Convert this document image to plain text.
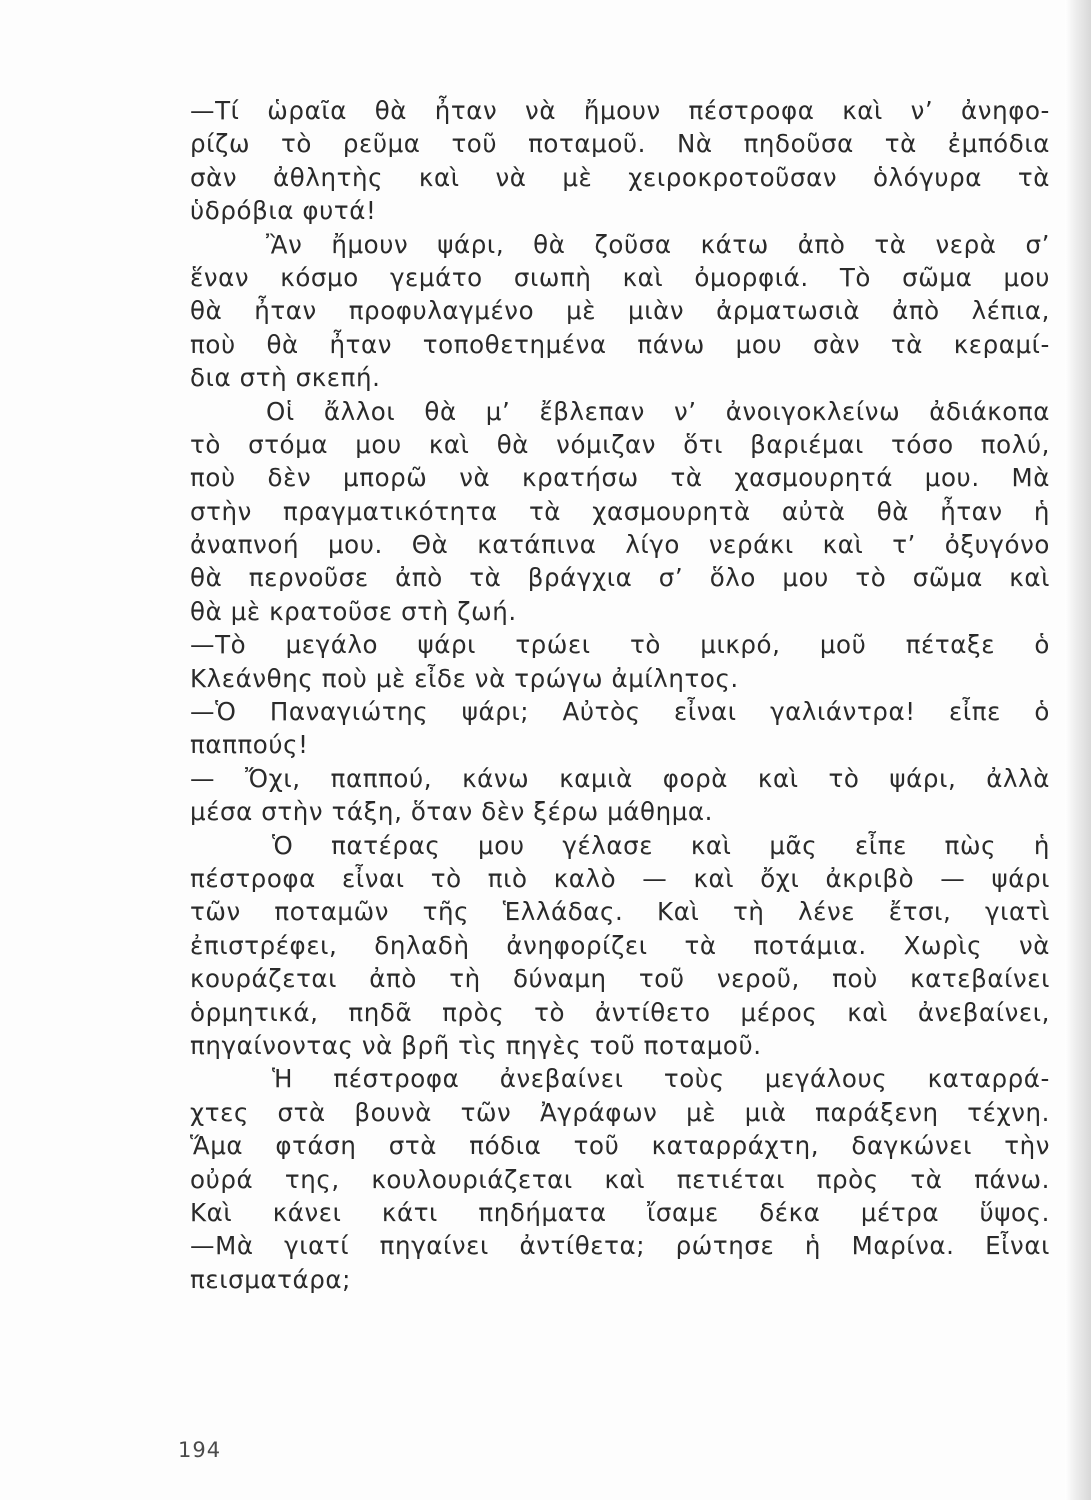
—Τί ὡραῖα θὰ ἦταν νὰ ἤμουν πέστροφα καὶ ν’ ἀνηφο-
ρίζω τὸ ρεῦμα τοῦ ποταμοῦ. Νὰ πηδοῦσα τὰ ἐμπόδια
σὰν ἀθλητὴς καὶ νὰ μὲ χειροκροτοῦσαν ὁλόγυρα τὰ
ὑδρόβια φυτά!
Ἂν ἤμουν ψάρι, θὰ ζοῦσα κάτω ἀπὸ τὰ νερὰ σ’
ἕναν κόσμο γεμάτο σιωπὴ καὶ ὀμορφιά. Τὸ σῶμα μου
θὰ ἦταν προφυλαγμένο μὲ μιὰν ἀρματωσιὰ ἀπὸ λέπια,
ποὺ θὰ ἦταν τοποθετημένα πάνω μου σὰν τὰ κεραμί-
δια στὴ σκεπή.
Οἱ ἄλλοι θὰ μ’ ἔβλεπαν ν’ ἀνοιγοκλείνω ἀδιάκοπα
τὸ στόμα μου καὶ θὰ νόμιζαν ὅτι βαριέμαι τόσο πολύ,
ποὺ δὲν μπορῶ νὰ κρατήσω τὰ χασμουρητά μου. Μὰ
στὴν πραγματικότητα τὰ χασμουρητὰ αὐτὰ θὰ ἦταν ἡ
ἀναπνοή μου. Θὰ κατάπινα λίγο νεράκι καὶ τ’ ὀξυγόνο
θὰ περνοῦσε ἀπὸ τὰ βράγχια σ’ ὅλο μου τὸ σῶμα καὶ
θὰ μὲ κρατοῦσε στὴ ζωή.
—Τὸ μεγάλο ψάρι τρώει τὸ μικρό, μοῦ πέταξε ὁ
Κλεάνθης ποὺ μὲ εἶδε νὰ τρώγω ἀμίλητος.
—Ὁ Παναγιώτης ψάρι; Αὐτὸς εἶναι γαλιάντρα! εἶπε ὁ
παππούς!
— Ὄχι, παππού, κάνω καμιὰ φορὰ καὶ τὸ ψάρι, ἀλλὰ
μέσα στὴν τάξη, ὅταν δὲν ξέρω μάθημα.
Ὁ πατέρας μου γέλασε καὶ μᾶς εἶπε πὼς ἡ
πέστροφα εἶναι τὸ πιὸ καλὸ — καὶ ὄχι ἀκριβὸ — ψάρι
τῶν ποταμῶν τῆς Ἑλλάδας. Καὶ τὴ λένε ἔτσι, γιατὶ
ἐπιστρέφει, δηλαδὴ ἀνηφορίζει τὰ ποτάμια. Χωρὶς νὰ
κουράζεται ἀπὸ τὴ δύναμη τοῦ νεροῦ, ποὺ κατεβαίνει
ὁρμητικά, πηδᾶ πρὸς τὸ ἀντίθετο μέρος καὶ ἀνεβαίνει,
πηγαίνοντας νὰ βρῆ τὶς πηγὲς τοῦ ποταμοῦ.
Ἡ πέστροφα ἀνεβαίνει τοὺς μεγάλους καταρρά-
χτες στὰ βουνὰ τῶν Ἀγράφων μὲ μιὰ παράξενη τέχνη.
Ἅμα φτάση στὰ πόδια τοῦ καταρράχτη, δαγκώνει τὴν
οὐρά της, κουλουριάζεται καὶ πετιέται πρὸς τὰ πάνω.
Καὶ κάνει κάτι πηδήματα ἴσαμε δέκα μέτρα ὕψος.
—Μὰ γιατί πηγαίνει ἀντίθετα; ρώτησε ἡ Μαρίνα. Εἶναι
πεισματάρα;
194
